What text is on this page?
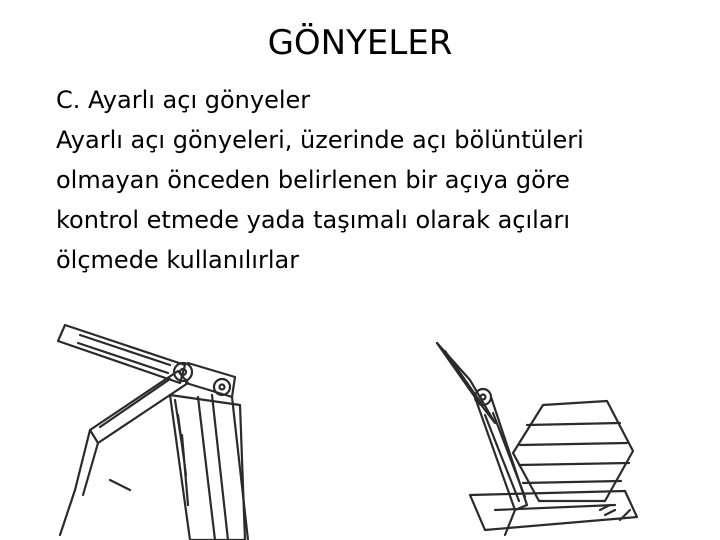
GÖNYELER
C. Ayarlı açı gönyeler
Ayarlı açı gönyeleri, üzerinde açı bölüntüleri
olmayan önceden belirlenen bir açıya göre
kontrol etmede yada taşımalı olarak açıları
ölçmede kullanılırlar
